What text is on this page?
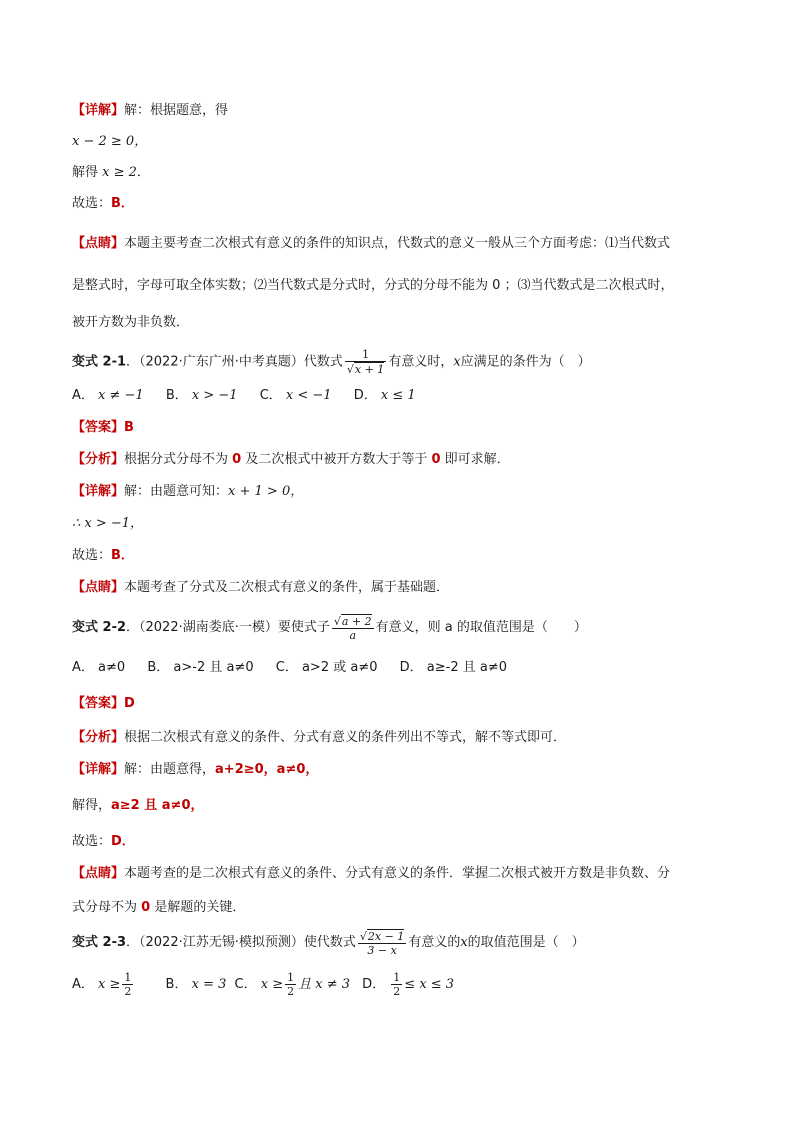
【详解】解：根据题意，得
x − 2 ≥ 0，
解得 x ≥ 2．
故选：B．
【点睛】本题主要考查二次根式有意义的条件的知识点，代数式的意义一般从三个方面考虑：⑴当代数式
是整式时，字母可取全体实数；⑵当代数式是分式时，分式的分母不能为 0 ；⑶当代数式是二次根式时，
被开方数为非负数．
变式 2-1．（2022·广东广州·中考真题）代数式 $\frac{1}{√x + 1}$ 有意义时，x应满足的条件为（　）
A． x ≠ −1 B． x > −1 C． x < −1 D． x ≤ 1
【答案】B
【分析】根据分式分母不为 0 及二次根式中被开方数大于等于 0 即可求解．
【详解】解：由题意可知：x + 1 > 0，
∴ x > −1，
故选：B．
【点睛】本题考查了分式及二次根式有意义的条件，属于基础题．
变式 2-2．（2022·湖南娄底·一模）要使式子 $\frac{√a + 2}{a}$ 有意义，则 a 的取值范围是（　　）
A． a≠0 B． a>-2 且 a≠0 C． a>2 或 a≠0 D． a≥-2 且 a≠0
【答案】D
【分析】根据二次根式有意义的条件、分式有意义的条件列出不等式，解不等式即可．
【详解】解：由题意得，a+2≥0，a≠0，
解得，a≥2 且 a≠0，
故选：D．
【点睛】本题考查的是二次根式有意义的条件、分式有意义的条件．掌握二次根式被开方数是非负数、分
式分母不为 0 是解题的关键．
变式 2-3．（2022·江苏无锡·模拟预测）使代数式 $\frac{√2x - 1}{3 - x}$ 有意义的x的取值范围是（　）
A． $x \ge \frac{1}{2}$ B． x = 3 C． $x \ge \frac{1}{2}$ 且 x ≠ 3 D． $\frac{1}{2} \le x \le 3$
